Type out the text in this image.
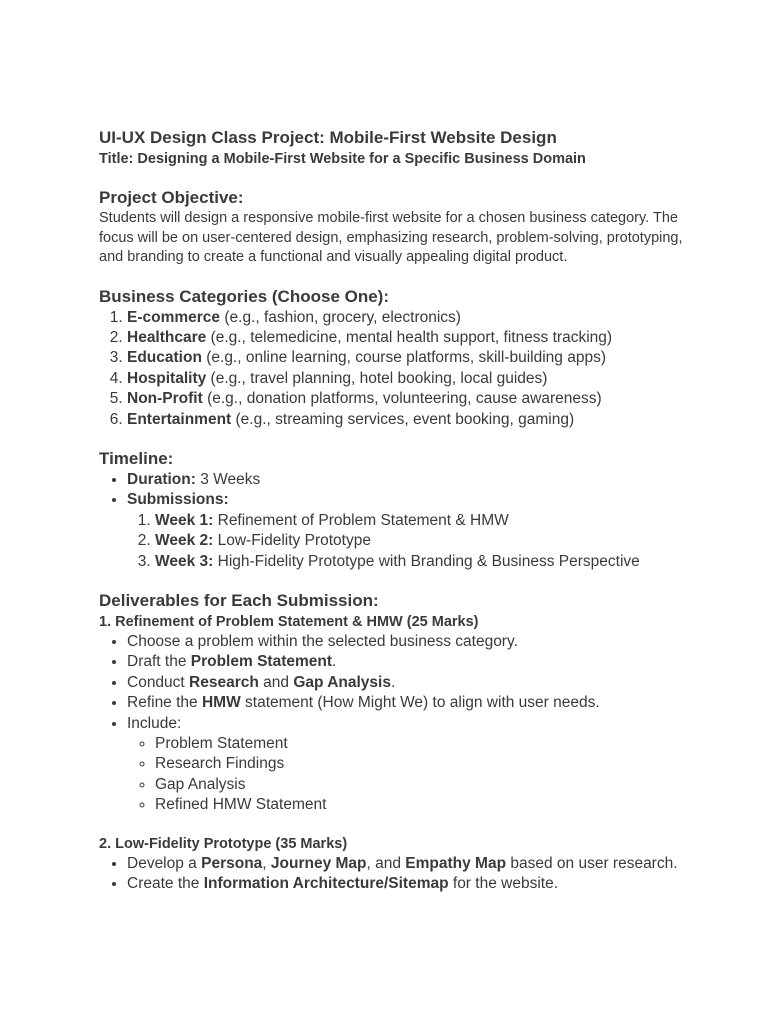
UI-UX Design Class Project: Mobile-First Website Design

Title: Designing a Mobile-First Website for a Specific Business Domain

Project Objective:

Students will design a responsive mobile-first website for a chosen business category. The focus will be on user-centered design, emphasizing research, problem-solving, prototyping, and branding to create a functional and visually appealing digital product.

Business Categories (Choose One):

1. E-commerce (e.g., fashion, grocery, electronics)
2. Healthcare (e.g., telemedicine, mental health support, fitness tracking)
3. Education (e.g., online learning, course platforms, skill-building apps)
4. Hospitality (e.g., travel planning, hotel booking, local guides)
5. Non-Profit (e.g., donation platforms, volunteering, cause awareness)
6. Entertainment (e.g., streaming services, event booking, gaming)

Timeline:

• Duration: 3 Weeks
• Submissions:
1. Week 1: Refinement of Problem Statement & HMW
2. Week 2: Low-Fidelity Prototype
3. Week 3: High-Fidelity Prototype with Branding & Business Perspective

Deliverables for Each Submission:

1. Refinement of Problem Statement & HMW (25 Marks)

• Choose a problem within the selected business category.
• Draft the Problem Statement.
• Conduct Research and Gap Analysis.
• Refine the HMW statement (How Might We) to align with user needs.
• Include:
◦ Problem Statement
◦ Research Findings
◦ Gap Analysis
◦ Refined HMW Statement

2. Low-Fidelity Prototype (35 Marks)

• Develop a Persona, Journey Map, and Empathy Map based on user research.
• Create the Information Architecture/Sitemap for the website.
